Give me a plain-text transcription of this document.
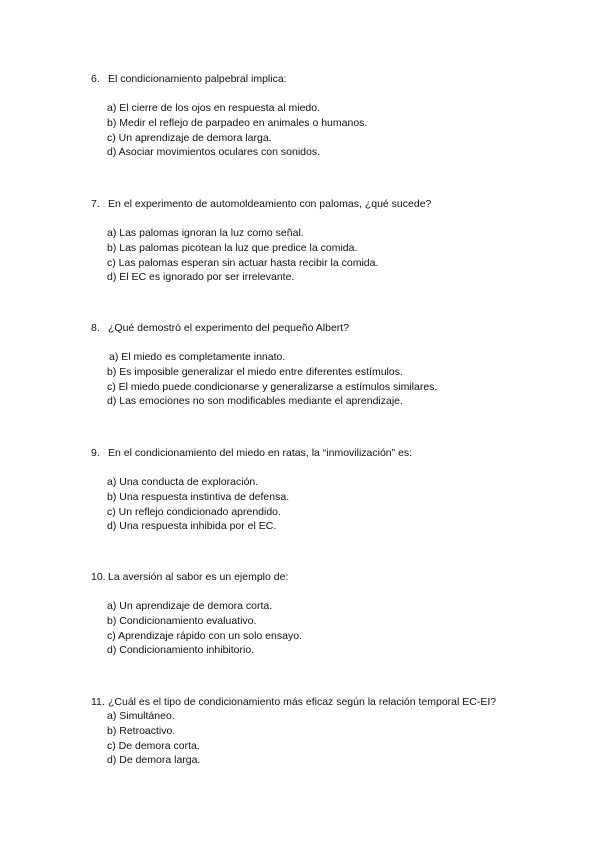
6. El condicionamiento palpebral implica:
a) El cierre de los ojos en respuesta al miedo.
b) Medir el reflejo de parpadeo en animales o humanos.
c) Un aprendizaje de demora larga.
d) Asociar movimientos oculares con sonidos.
7. En el experimento de automoldeamiento con palomas, ¿qué sucede?
a) Las palomas ignoran la luz como señal.
b) Las palomas picotean la luz que predice la comida.
c) Las palomas esperan sin actuar hasta recibir la comida.
d) El EC es ignorado por ser irrelevante.
8. ¿Qué demostró el experimento del pequeño Albert?
a) El miedo es completamente innato.
b) Es imposible generalizar el miedo entre diferentes estímulos.
c) El miedo puede condicionarse y generalizarse a estímulos similares.
d) Las emociones no son modificables mediante el aprendizaje.
9. En el condicionamiento del miedo en ratas, la “inmovilización” es:
a) Una conducta de exploración.
b) Una respuesta instintiva de defensa.
c) Un reflejo condicionado aprendido.
d) Una respuesta inhibida por el EC.
10. La aversión al sabor es un ejemplo de:
a) Un aprendizaje de demora corta.
b) Condicionamiento evaluativo.
c) Aprendizaje rápido con un solo ensayo.
d) Condicionamiento inhibitorio.
11. ¿Cuál es el tipo de condicionamiento más eficaz según la relación temporal EC-EI?
a) Simultáneo.
b) Retroactivo.
c) De demora corta.
d) De demora larga.
